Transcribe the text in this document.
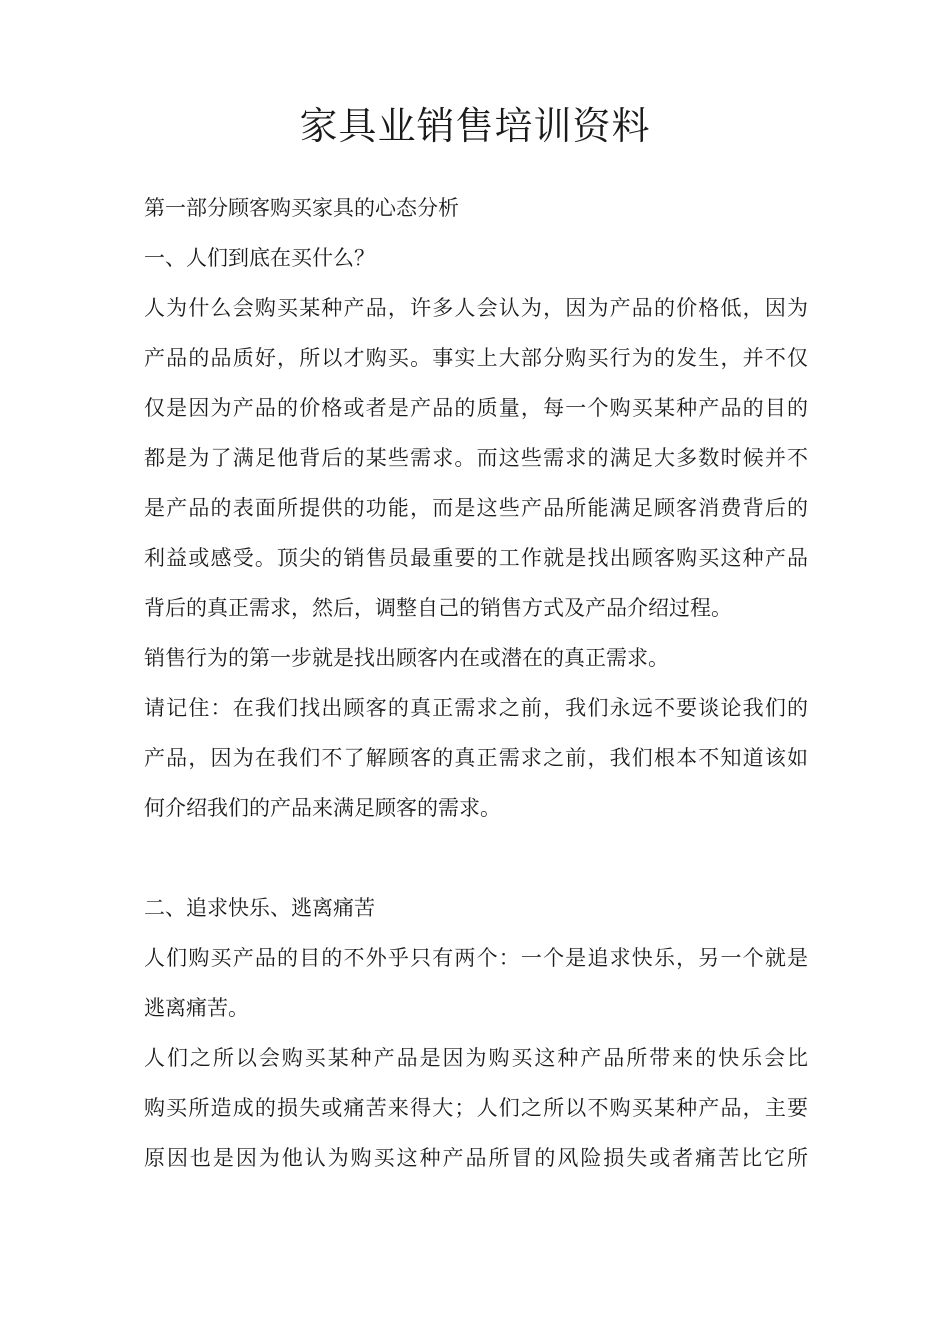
家具业销售培训资料

第一部分顾客购买家具的心态分析

一、人们到底在买什么？

人为什么会购买某种产品，许多人会认为，因为产品的价格低，因为

产品的品质好，所以才购买。事实上大部分购买行为的发生，并不仅

仅是因为产品的价格或者是产品的质量，每一个购买某种产品的目的

都是为了满足他背后的某些需求。而这些需求的满足大多数时候并不

是产品的表面所提供的功能，而是这些产品所能满足顾客消费背后的

利益或感受。顶尖的销售员最重要的工作就是找出顾客购买这种产品

背后的真正需求，然后，调整自己的销售方式及产品介绍过程。

销售行为的第一步就是找出顾客内在或潜在的真正需求。

请记住：在我们找出顾客的真正需求之前，我们永远不要谈论我们的

产品，因为在我们不了解顾客的真正需求之前，我们根本不知道该如

何介绍我们的产品来满足顾客的需求。

二、追求快乐、逃离痛苦

人们购买产品的目的不外乎只有两个：一个是追求快乐，另一个就是

逃离痛苦。

人们之所以会购买某种产品是因为购买这种产品所带来的快乐会比

购买所造成的损失或痛苦来得大；人们之所以不购买某种产品，主要

原因也是因为他认为购买这种产品所冒的风险损失或者痛苦比它所
